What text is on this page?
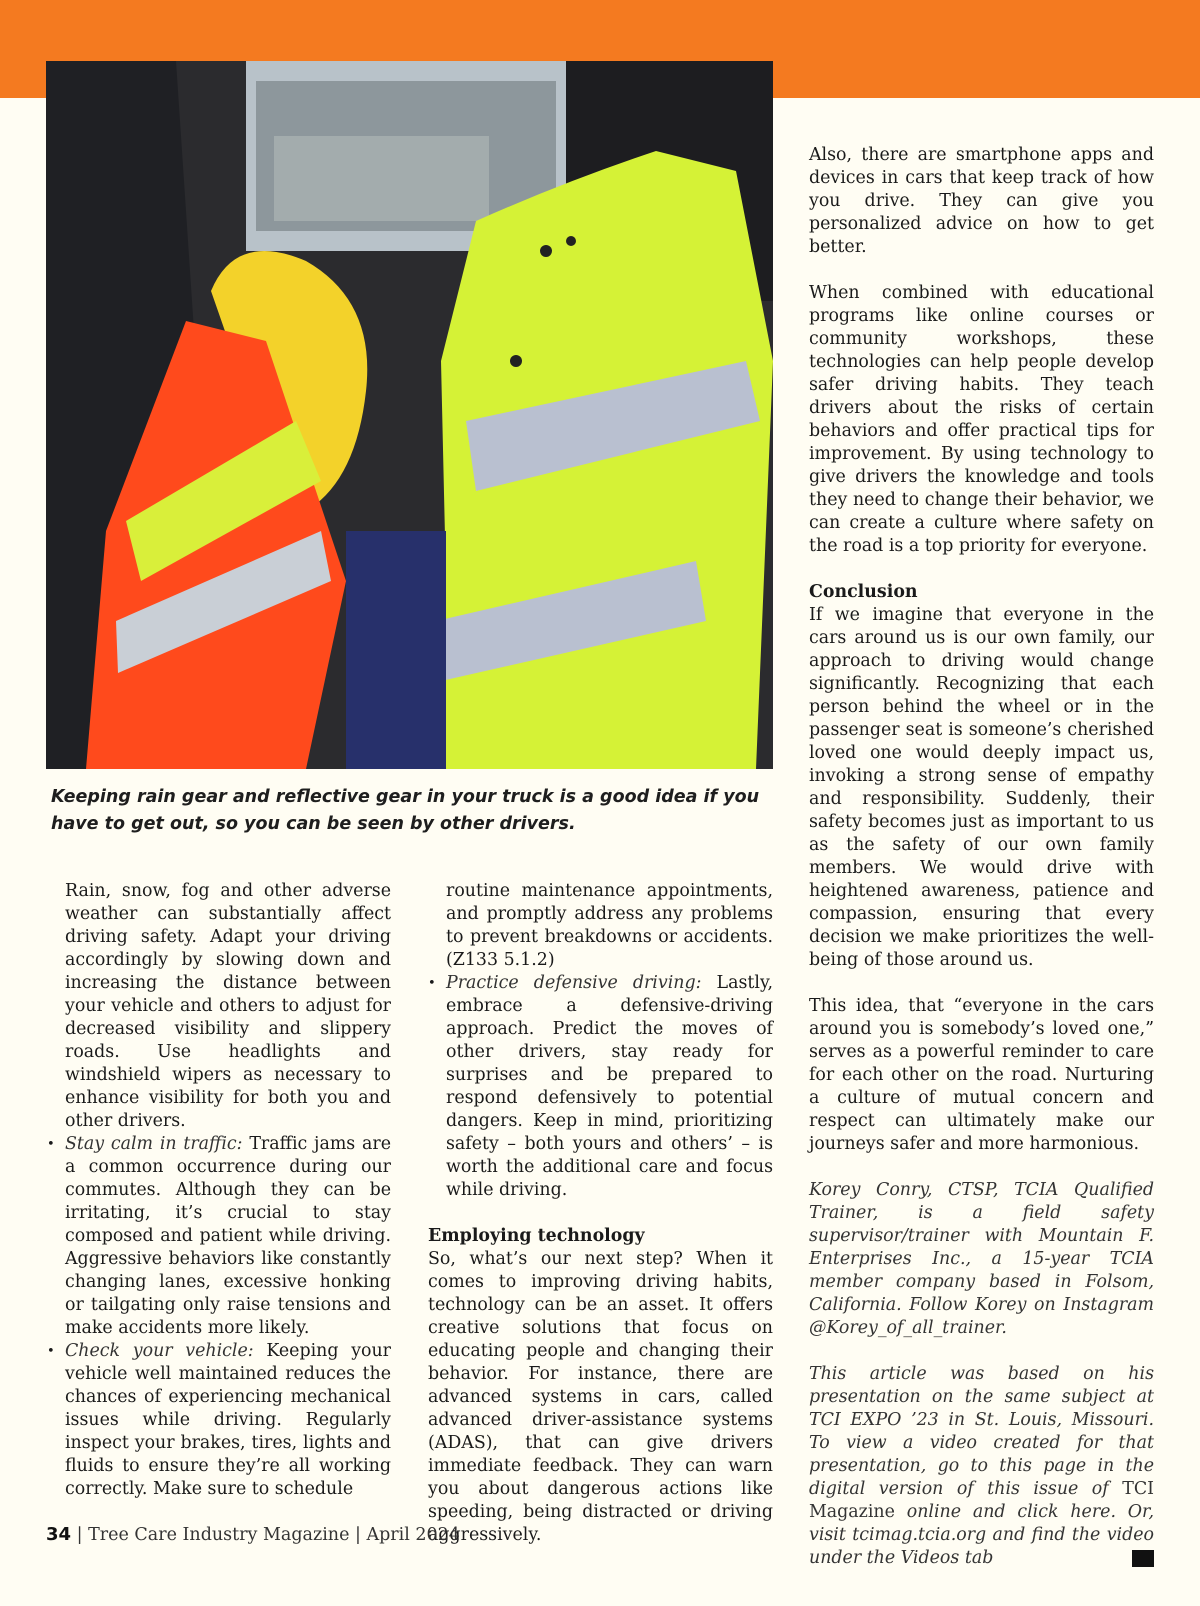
Keeping rain gear and reflective gear in your truck is a good idea if you have to get out, so you can be seen by other drivers.

Rain, snow, fog and other adverse weather can substantially affect driving safety. Adapt your driving accordingly by slowing down and increasing the distance between your vehicle and others to adjust for decreased visibility and slippery roads. Use headlights and windshield wipers as necessary to enhance visibility for both you and other drivers.

• Stay calm in traffic: Traffic jams are a common occurrence during our commutes. Although they can be irritating, it’s crucial to stay composed and patient while driving. Aggressive behaviors like constantly changing lanes, excessive honking or tailgating only raise tensions and make accidents more likely.

• Check your vehicle: Keeping your vehicle well maintained reduces the chances of experiencing mechanical issues while driving. Regularly inspect your brakes, tires, lights and fluids to ensure they’re all working correctly. Make sure to schedule

routine maintenance appointments, and promptly address any problems to prevent breakdowns or accidents. (Z133 5.1.2)

• Practice defensive driving: Lastly, embrace a defensive-driving approach. Predict the moves of other drivers, stay ready for surprises and be prepared to respond defensively to potential dangers. Keep in mind, prioritizing safety – both yours and others’ – is worth the additional care and focus while driving.

Employing technology

So, what’s our next step? When it comes to improving driving habits, technology can be an asset. It offers creative solutions that focus on educating people and changing their behavior. For instance, there are advanced systems in cars, called advanced driver-assistance systems (ADAS), that can give drivers immediate feedback. They can warn you about dangerous actions like speeding, being distracted or driving aggressively.

Also, there are smartphone apps and devices in cars that keep track of how you drive. They can give you personalized advice on how to get better.

When combined with educational programs like online courses or community workshops, these technologies can help people develop safer driving habits. They teach drivers about the risks of certain behaviors and offer practical tips for improvement. By using technology to give drivers the knowledge and tools they need to change their behavior, we can create a culture where safety on the road is a top priority for everyone.

Conclusion

If we imagine that everyone in the cars around us is our own family, our approach to driving would change significantly. Recognizing that each person behind the wheel or in the passenger seat is someone’s cherished loved one would deeply impact us, invoking a strong sense of empathy and responsibility. Suddenly, their safety becomes just as important to us as the safety of our own family members. We would drive with heightened awareness, patience and compassion, ensuring that every decision we make prioritizes the well-being of those around us.

This idea, that “everyone in the cars around you is somebody’s loved one,” serves as a powerful reminder to care for each other on the road. Nurturing a culture of mutual concern and respect can ultimately make our journeys safer and more harmonious.

Korey Conry, CTSP, TCIA Qualified Trainer, is a field safety supervisor/trainer with Mountain F. Enterprises Inc., a 15-year TCIA member company based in Folsom, California. Follow Korey on Instagram @Korey_of_all_trainer.

This article was based on his presentation on the same subject at TCI EXPO ’23 in St. Louis, Missouri. To view a video created for that presentation, go to this page in the digital version of this issue of TCI Magazine online and click here. Or, visit tcimag.tcia.org and find the video under the Videos tab

34 | Tree Care Industry Magazine | April 2024
